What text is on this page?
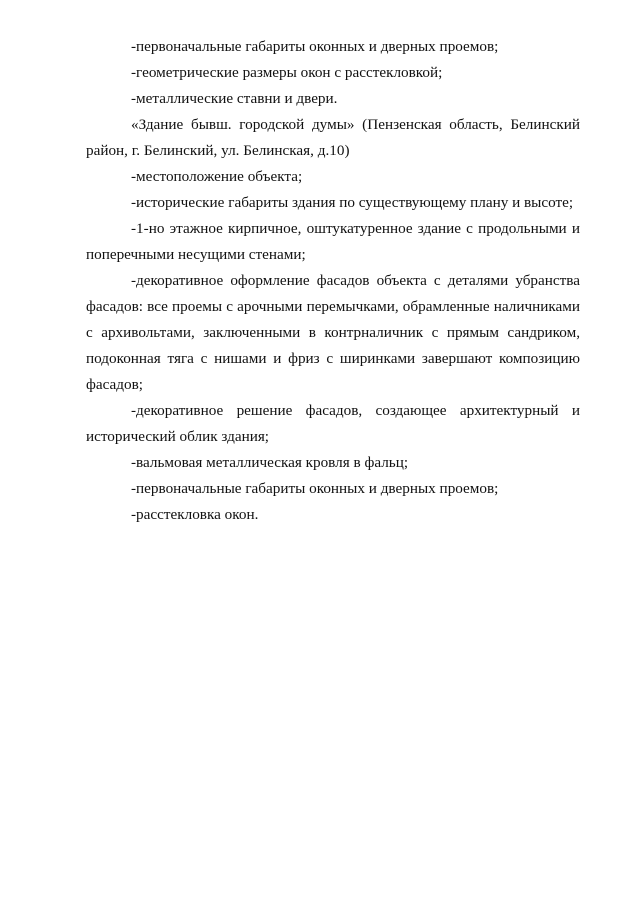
-первоначальные габариты оконных и дверных проемов;

-геометрические размеры окон с расстекловкой;

-металлические ставни и двери.

«Здание бывш. городской думы» (Пензенская область, Белинский район, г. Белинский, ул. Белинская, д.10)

-местоположение объекта;

-исторические габариты здания по существующему плану и высоте;

-1-но этажное кирпичное, оштукатуренное здание с продольными и поперечными несущими стенами;

-декоративное оформление фасадов объекта с деталями убранства фасадов: все проемы с арочными перемычками, обрамленные наличниками с архивольтами, заключенными в контрналичник с прямым сандриком, подоконная тяга с нишами и фриз с ширинками завершают композицию фасадов;

-декоративное решение фасадов, создающее архитектурный и исторический облик здания;

-вальмовая металлическая кровля в фальц;

-первоначальные габариты оконных и дверных проемов;

-расстекловка окон.
